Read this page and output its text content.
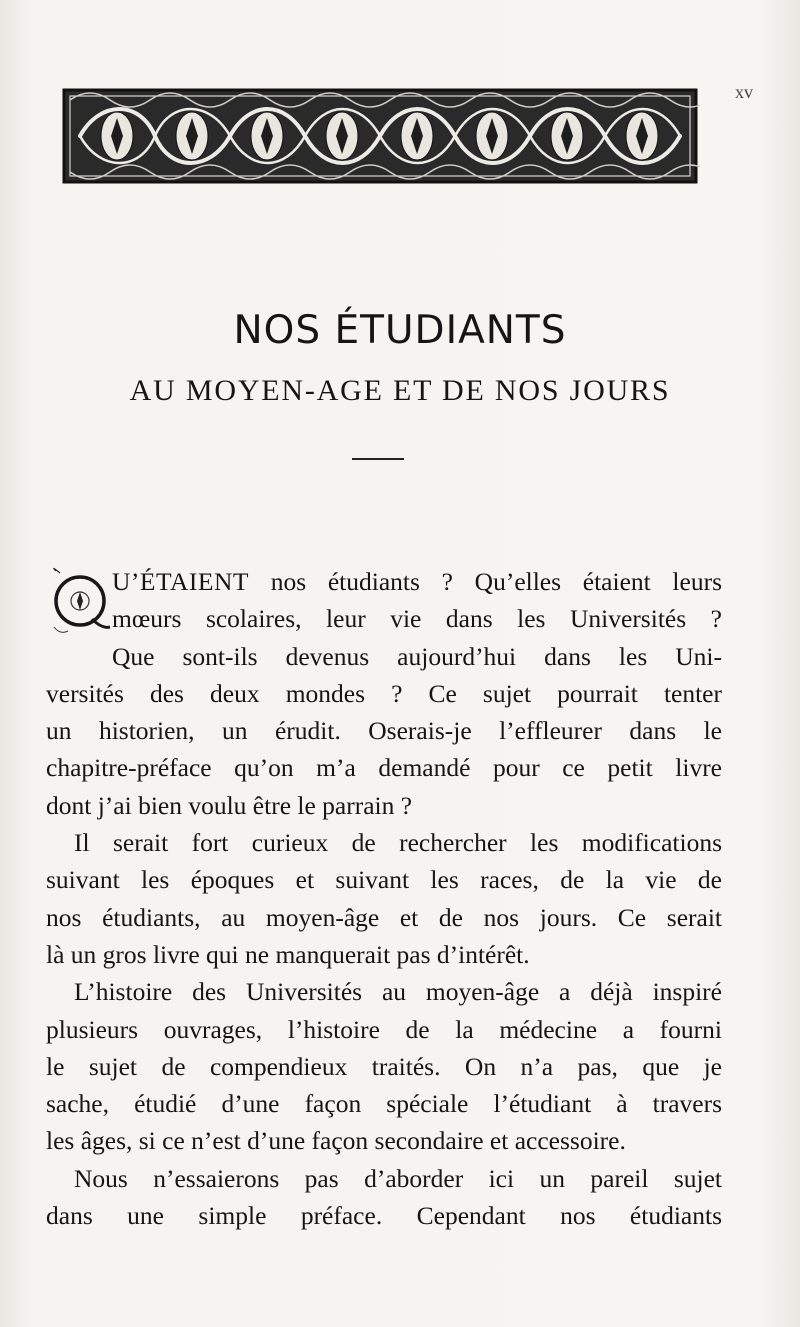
xv
NOS ÉTUDIANTS
AU MOYEN-AGE ET DE NOS JOURS
Q
U’ÉTAIENT nos étudiants ? Qu’elles étaient leurs
mœurs scolaires, leur vie dans les Universités ?
Que sont-ils devenus aujourd’hui dans les Uni-
versités des deux mondes ? Ce sujet pourrait tenter
un historien, un érudit. Oserais-je l’effleurer dans le
chapitre-préface qu’on m’a demandé pour ce petit livre
dont j’ai bien voulu être le parrain ?
Il serait fort curieux de rechercher les modifications
suivant les époques et suivant les races, de la vie de
nos étudiants, au moyen-âge et de nos jours. Ce serait
là un gros livre qui ne manquerait pas d’intérêt.
L’histoire des Universités au moyen-âge a déjà inspiré
plusieurs ouvrages, l’histoire de la médecine a fourni
le sujet de compendieux traités. On n’a pas, que je
sache, étudié d’une façon spéciale l’étudiant à travers
les âges, si ce n’est d’une façon secondaire et accessoire.
Nous n’essaierons pas d’aborder ici un pareil sujet
dans une simple préface. Cependant nos étudiants
